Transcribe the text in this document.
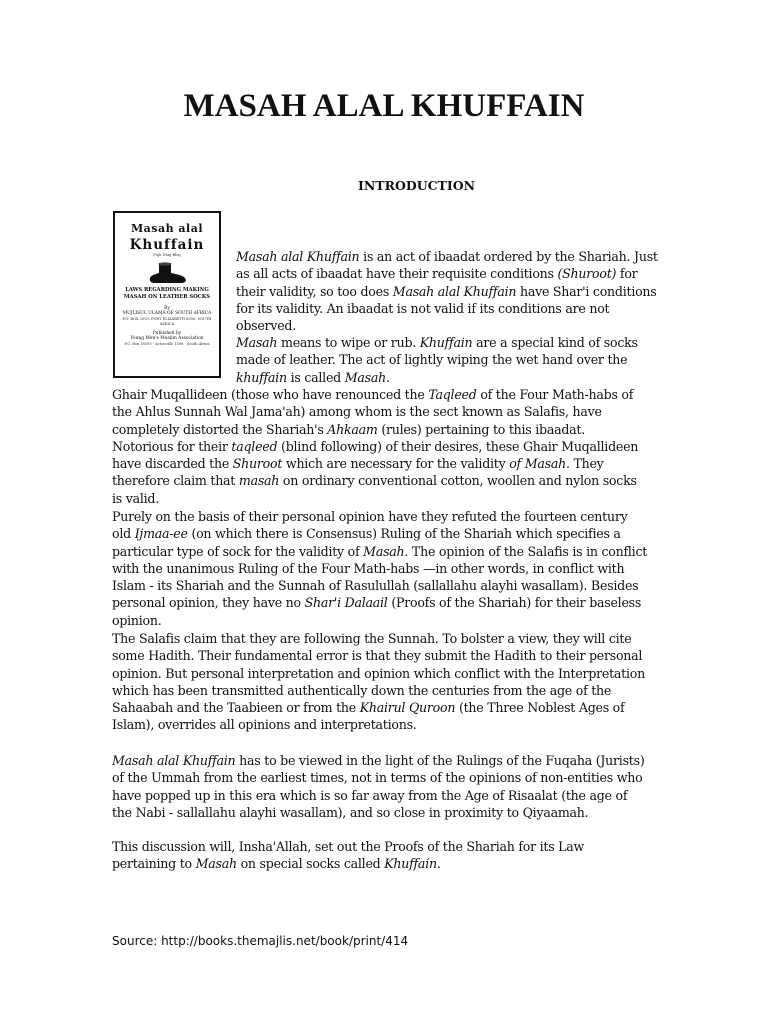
MASAH ALAL KHUFFAIN
INTRODUCTION
Masah alal
Khuffain
Fiqh Dhig Blog
LAWS REGARDING MAKING
MASAH ON LEATHER SOCKS
By
MUJLISUL ULAMA OF SOUTH AFRICA
P.O. BOX 3393, PORT ELIZABETH 6056, SOUTH AFRICA
Published by
Young Men's Muslim Association
P.O. Box 18595 · Actonville 1506 · South Africa

Masah alal Khuffain is an act of ibaadat ordered by the Shariah. Just as all acts of ibaadat have their requisite conditions (Shuroot) for their validity, so too does Masah alal Khuffain have Shar'i conditions for its validity. An ibaadat is not valid if its conditions are not observed.

Masah means to wipe or rub. Khuffain are a special kind of socks made of leather. The act of lightly wiping the wet hand over the khuffain is called Masah.

Ghair Muqallideen (those who have renounced the Taqleed of the Four Math-habs of the Ahlus Sunnah Wal Jama'ah) among whom is the sect known as Salafis, have completely distorted the Shariah's Ahkaam (rules) pertaining to this ibaadat. Notorious for their taqleed (blind following) of their desires, these Ghair Muqallideen have discarded the Shuroot which are necessary for the validity of Masah. They therefore claim that masah on ordinary conventional cotton, woollen and nylon socks is valid.

Purely on the basis of their personal opinion have they refuted the fourteen century old Ijmaa-ee (on which there is Consensus) Ruling of the Shariah which specifies a particular type of sock for the validity of Masah. The opinion of the Salafis is in conflict with the unanimous Ruling of the Four Math-habs —in other words, in conflict with Islam - its Shariah and the Sunnah of Rasulullah (sallallahu alayhi wasallam). Besides personal opinion, they have no Shar'i Dalaail (Proofs of the Shariah) for their baseless opinion.

The Salafis claim that they are following the Sunnah. To bolster a view, they will cite some Hadith. Their fundamental error is that they submit the Hadith to their personal opinion. But personal interpretation and opinion which conflict with the Interpretation which has been transmitted authentically down the centuries from the age of the Sahaabah and the Taabieen or from the Khairul Quroon (the Three Noblest Ages of Islam), overrides all opinions and interpretations.

Masah alal Khuffain has to be viewed in the light of the Rulings of the Fuqaha (Jurists) of the Ummah from the earliest times, not in terms of the opinions of non-entities who have popped up in this era which is so far away from the Age of Risaalat (the age of the Nabi - sallallahu alayhi wasallam), and so close in proximity to Qiyaamah.

This discussion will, Insha'Allah, set out the Proofs of the Shariah for its Law pertaining to Masah on special socks called Khuffain.

Source: http://books.themajlis.net/book/print/414
